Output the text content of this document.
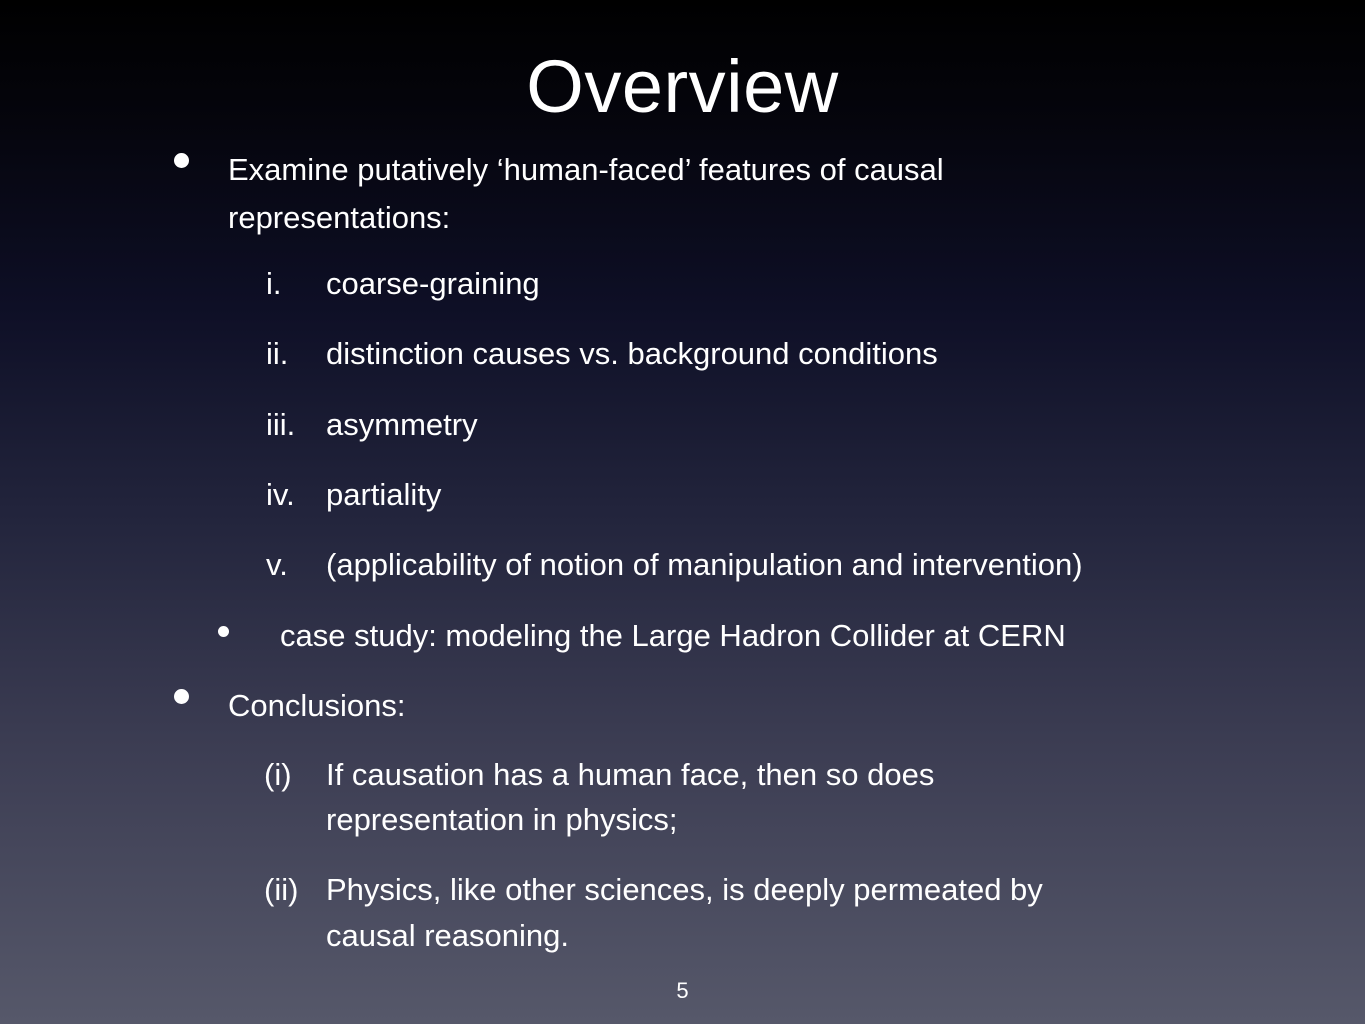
Overview
Examine putatively ‘human-faced’ features of causal
representations:
i. coarse-graining
ii. distinction causes vs. background conditions
iii. asymmetry
iv. partiality
v. (applicability of notion of manipulation and intervention)
case study: modeling the Large Hadron Collider at CERN
Conclusions:
(i) If causation has a human face, then so does
representation in physics;
(ii) Physics, like other sciences, is deeply permeated by
causal reasoning.
5
